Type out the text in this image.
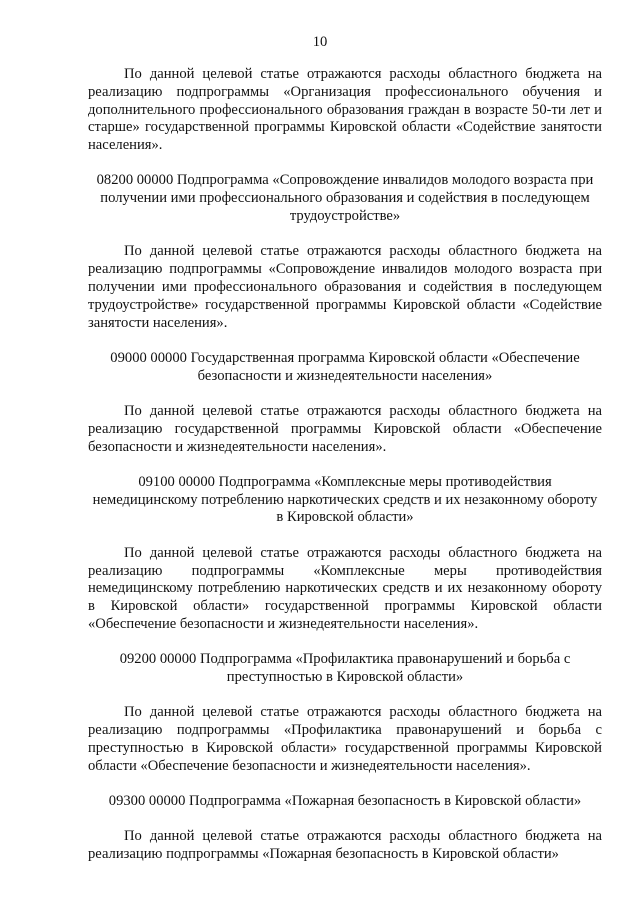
10

По данной целевой статье отражаются расходы областного бюджета на реализацию подпрограммы «Организация профессионального обучения и дополнительного профессионального образования граждан в возрасте 50-ти лет и старше» государственной программы Кировской области «Содействие занятости населения».

08200 00000 Подпрограмма «Сопровождение инвалидов молодого возраста при получении ими профессионального образования и содействия в последующем трудоустройстве»

По данной целевой статье отражаются расходы областного бюджета на реализацию подпрограммы «Сопровождение инвалидов молодого возраста при получении ими профессионального образования и содействия в последующем трудоустройстве» государственной программы Кировской области «Содействие занятости населения».

09000 00000 Государственная программа Кировской области «Обеспечение безопасности и жизнедеятельности населения»

По данной целевой статье отражаются расходы областного бюджета на реализацию государственной программы Кировской области «Обеспечение безопасности и жизнедеятельности населения».

09100 00000 Подпрограмма «Комплексные меры противодействия немедицинскому потреблению наркотических средств и их незаконному обороту в Кировской области»

По данной целевой статье отражаются расходы областного бюджета на реализацию подпрограммы «Комплексные меры противодействия немедицинскому потреблению наркотических средств и их незаконному обороту в Кировской области» государственной программы Кировской области «Обеспечение безопасности и жизнедеятельности населения».

09200 00000 Подпрограмма «Профилактика правонарушений и борьба с преступностью в Кировской области»

По данной целевой статье отражаются расходы областного бюджета на реализацию подпрограммы «Профилактика правонарушений и борьба с преступностью в Кировской области» государственной программы Кировской области «Обеспечение безопасности и жизнедеятельности населения».

09300 00000 Подпрограмма «Пожарная безопасность в Кировской области»

По данной целевой статье отражаются расходы областного бюджета на реализацию подпрограммы «Пожарная безопасность в Кировской области»
